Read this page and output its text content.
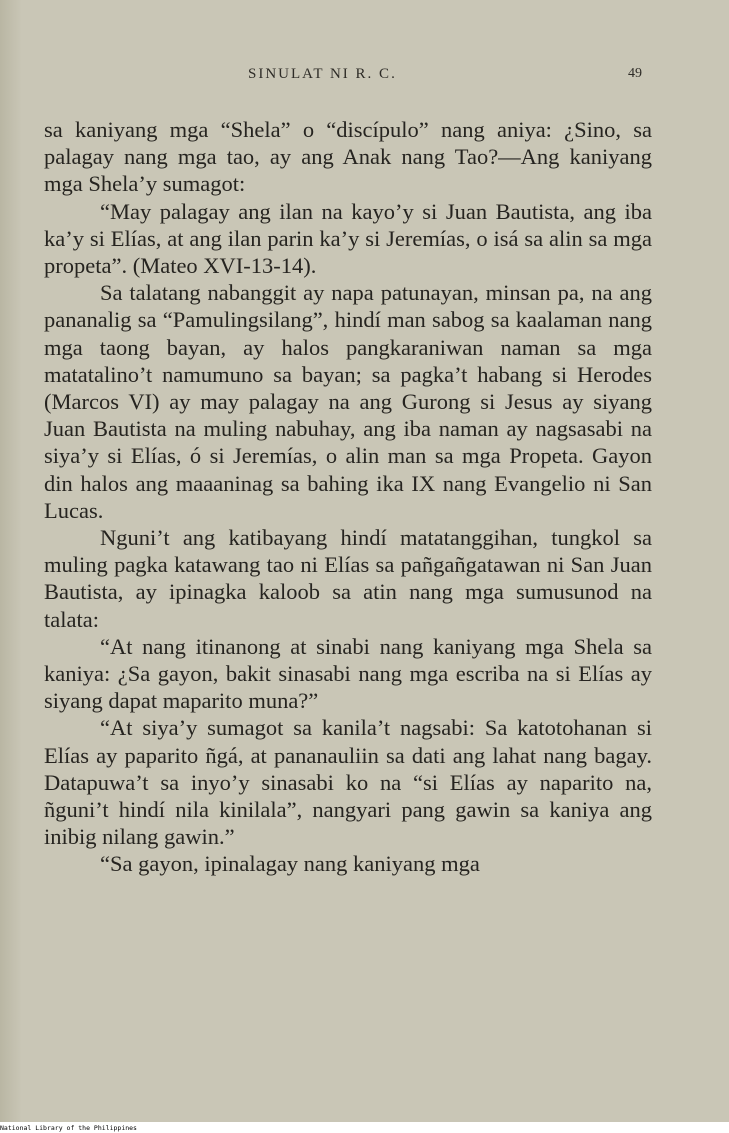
SINULAT NI R. C.	49

sa kaniyang mga “Shela” o “discípulo” nang aniya: ¿Sino, sa palagay nang mga tao, ay ang Anak nang Tao?—Ang kaniyang mga Shela’y sumagot:

“May palagay ang ilan na kayo’y si Juan Bautista, ang iba ka’y si Elías, at ang ilan parin ka’y si Jeremías, o isá sa alin sa mga propeta”. (Mateo XVI-13-14).

Sa talatang nabanggit ay napa patunayan, minsan pa, na ang pananalig sa “Pamulingsilang”, hindí man sabog sa kaalaman nang mga taong bayan, ay halos pangkaraniwan naman sa mga matatalino’t namumuno sa bayan; sa pagka’t habang si Herodes (Marcos VI) ay may palagay na ang Gurong si Jesus ay siyang Juan Bautista na muling nabuhay, ang iba naman ay nagsasabi na siya’y si Elías, ó si Jeremías, o alin man sa mga Propeta. Gayon din halos ang maaaninag sa bahing ika IX nang Evangelio ni San Lucas.

Nguni’t ang katibayang hindí matatanggihan, tungkol sa muling pagka katawang tao ni Elías sa pañgañgatawan ni San Juan Bautista, ay ipinagka kaloob sa atin nang mga sumusunod na talata:

“At nang itinanong at sinabi nang kaniyang mga Shela sa kaniya: ¿Sa gayon, bakit sinasabi nang mga escriba na si Elías ay siyang dapat maparito muna?”

“At siya’y sumagot sa kanila’t nagsabi: Sa katotohanan si Elías ay paparito ñgá, at pananauliin sa dati ang lahat nang bagay. Datapuwa’t sa inyo’y sinasabi ko na “si Elías ay naparito na, ñguni’t hindí nila kinilala”, nangyari pang gawin sa kaniya ang inibig nilang gawin.”

“Sa gayon, ipinalagay nang kaniyang mga

National Library of the Philippines
